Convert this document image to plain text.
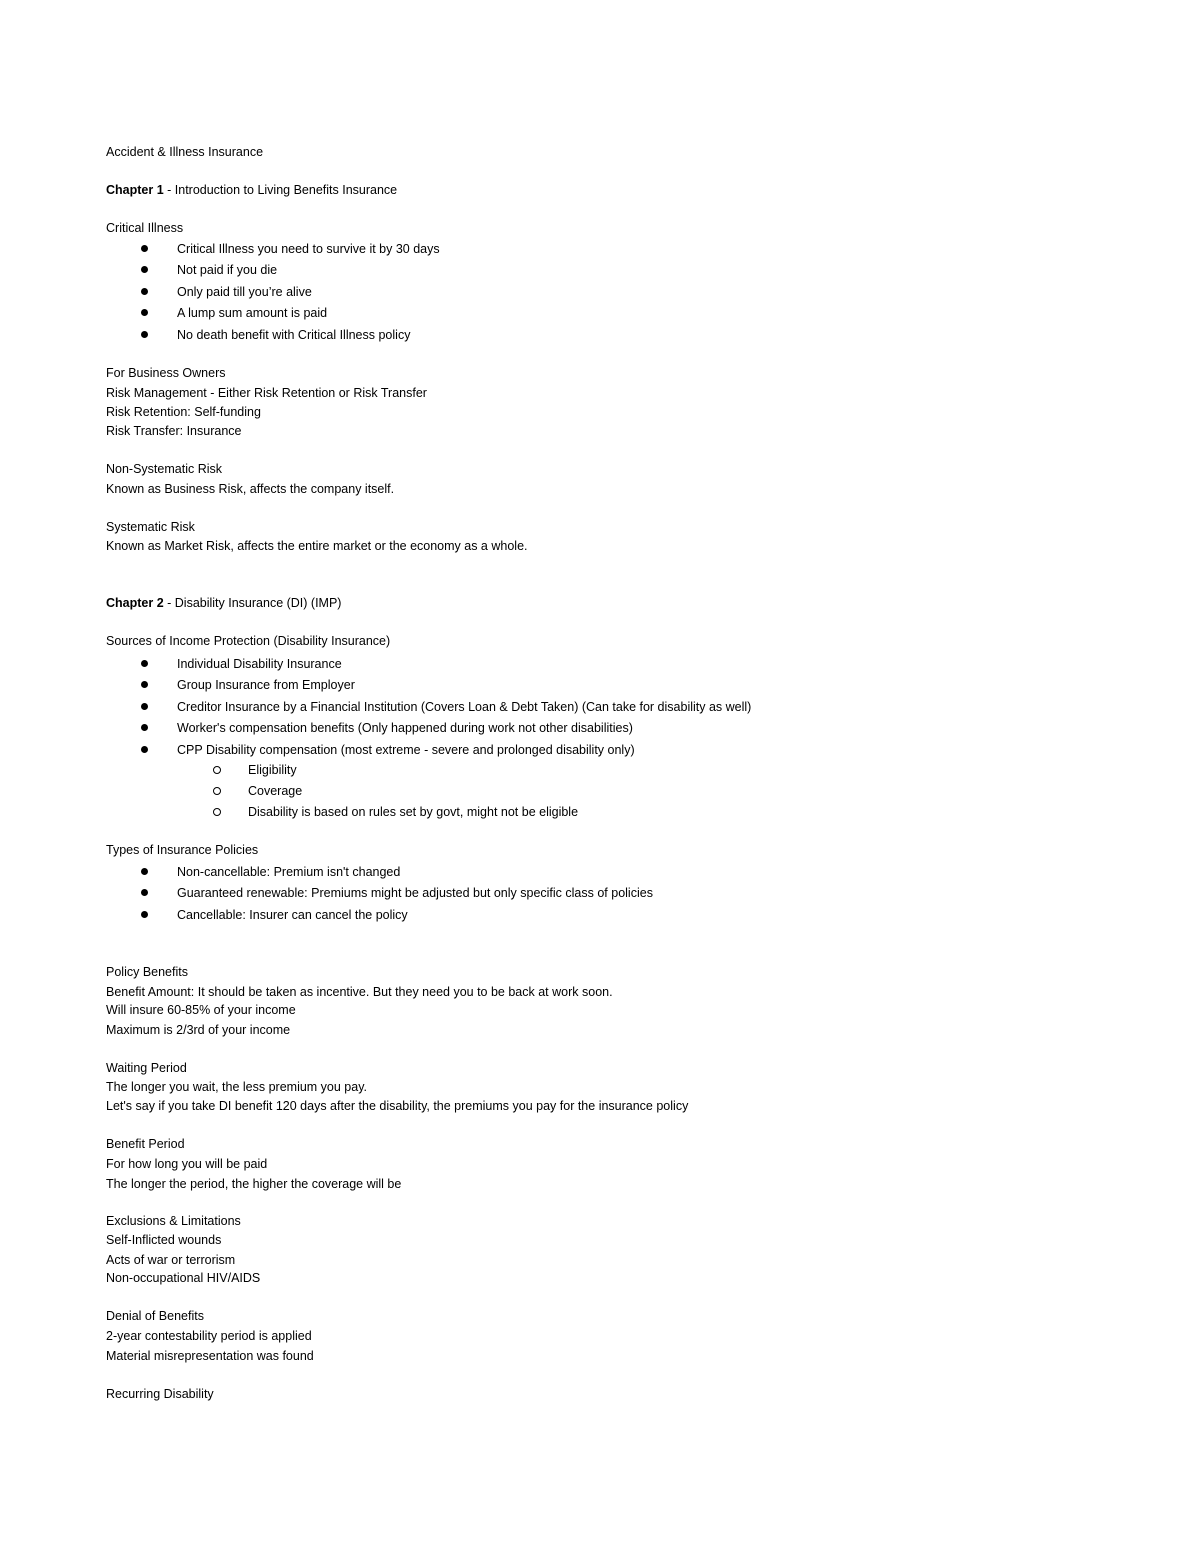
Accident & Illness Insurance
Chapter 1 - Introduction to Living Benefits Insurance
Critical Illness
Critical Illness you need to survive it by 30 days
Not paid if you die
Only paid till you’re alive
A lump sum amount is paid
No death benefit with Critical Illness policy
For Business Owners
Risk Management - Either Risk Retention or Risk Transfer
Risk Retention: Self-funding
Risk Transfer: Insurance
Non-Systematic Risk
Known as Business Risk, affects the company itself.
Systematic Risk
Known as Market Risk, affects the entire market or the economy as a whole.
Chapter 2 - Disability Insurance (DI) (IMP)
Sources of Income Protection (Disability Insurance)
Individual Disability Insurance
Group Insurance from Employer
Creditor Insurance by a Financial Institution (Covers Loan & Debt Taken) (Can take for disability as well)
Worker's compensation benefits (Only happened during work not other disabilities)
CPP Disability compensation (most extreme - severe and prolonged disability only)
Eligibility
Coverage
Disability is based on rules set by govt, might not be eligible
Types of Insurance Policies
Non-cancellable: Premium isn't changed
Guaranteed renewable: Premiums might be adjusted but only specific class of policies
Cancellable: Insurer can cancel the policy
Policy Benefits
Benefit Amount: It should be taken as incentive. But they need you to be back at work soon.
Will insure 60-85% of your income
Maximum is 2/3rd of your income
Waiting Period
The longer you wait, the less premium you pay.
Let's say if you take DI benefit 120 days after the disability, the premiums you pay for the insurance policy
Benefit Period
For how long you will be paid
The longer the period, the higher the coverage will be
Exclusions & Limitations
Self-Inflicted wounds
Acts of war or terrorism
Non-occupational HIV/AIDS
Denial of Benefits
2-year contestability period is applied
Material misrepresentation was found
Recurring Disability
